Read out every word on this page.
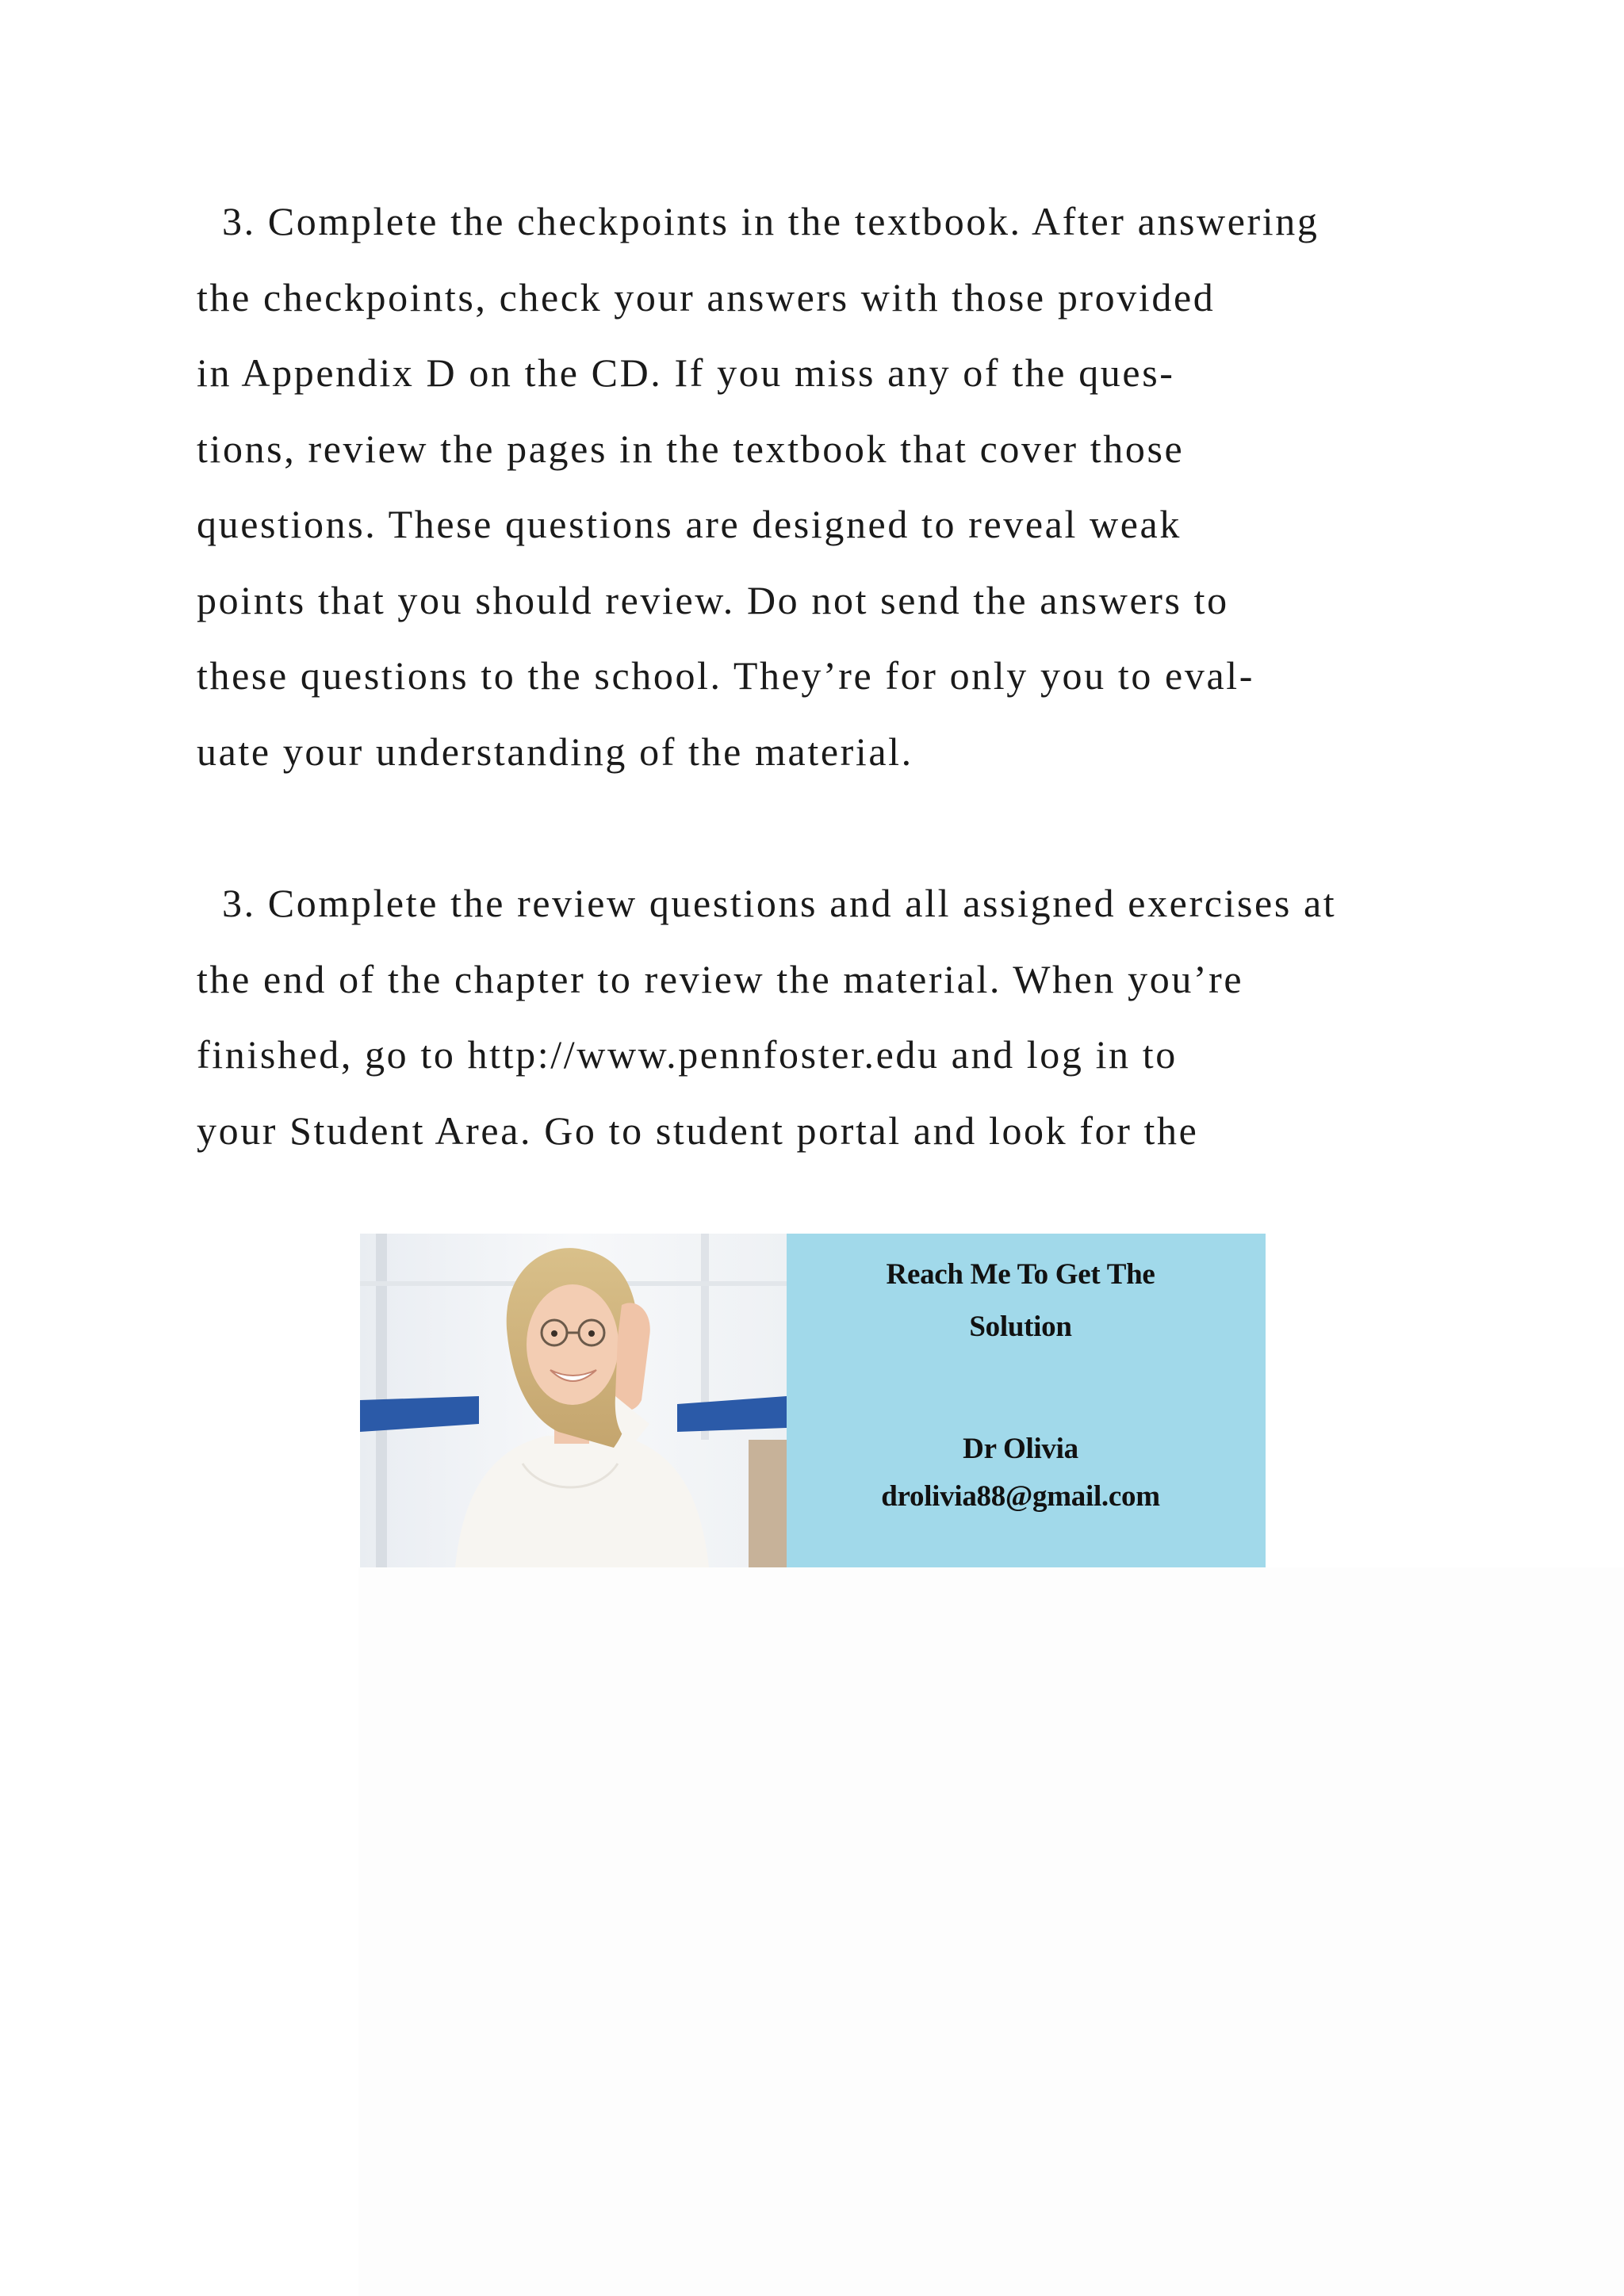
3. Complete the checkpoints in the textbook. After answering
the checkpoints, check your answers with those provided
in Appendix D on the CD. If you miss any of the ques-
tions, review the pages in the textbook that cover those
questions. These questions are designed to reveal weak
points that you should review. Do not send the answers to
these questions to the school. They’re for only you to eval-
uate your understanding of the material.
3. Complete the review questions and all assigned exercises at
the end of the chapter to review the material. When you’re
finished, go to http://www.pennfoster.edu and log in to
your Student Area. Go to student portal and look for the
Reach Me To Get The
Solution
Dr Olivia
drolivia88@gmail.com
